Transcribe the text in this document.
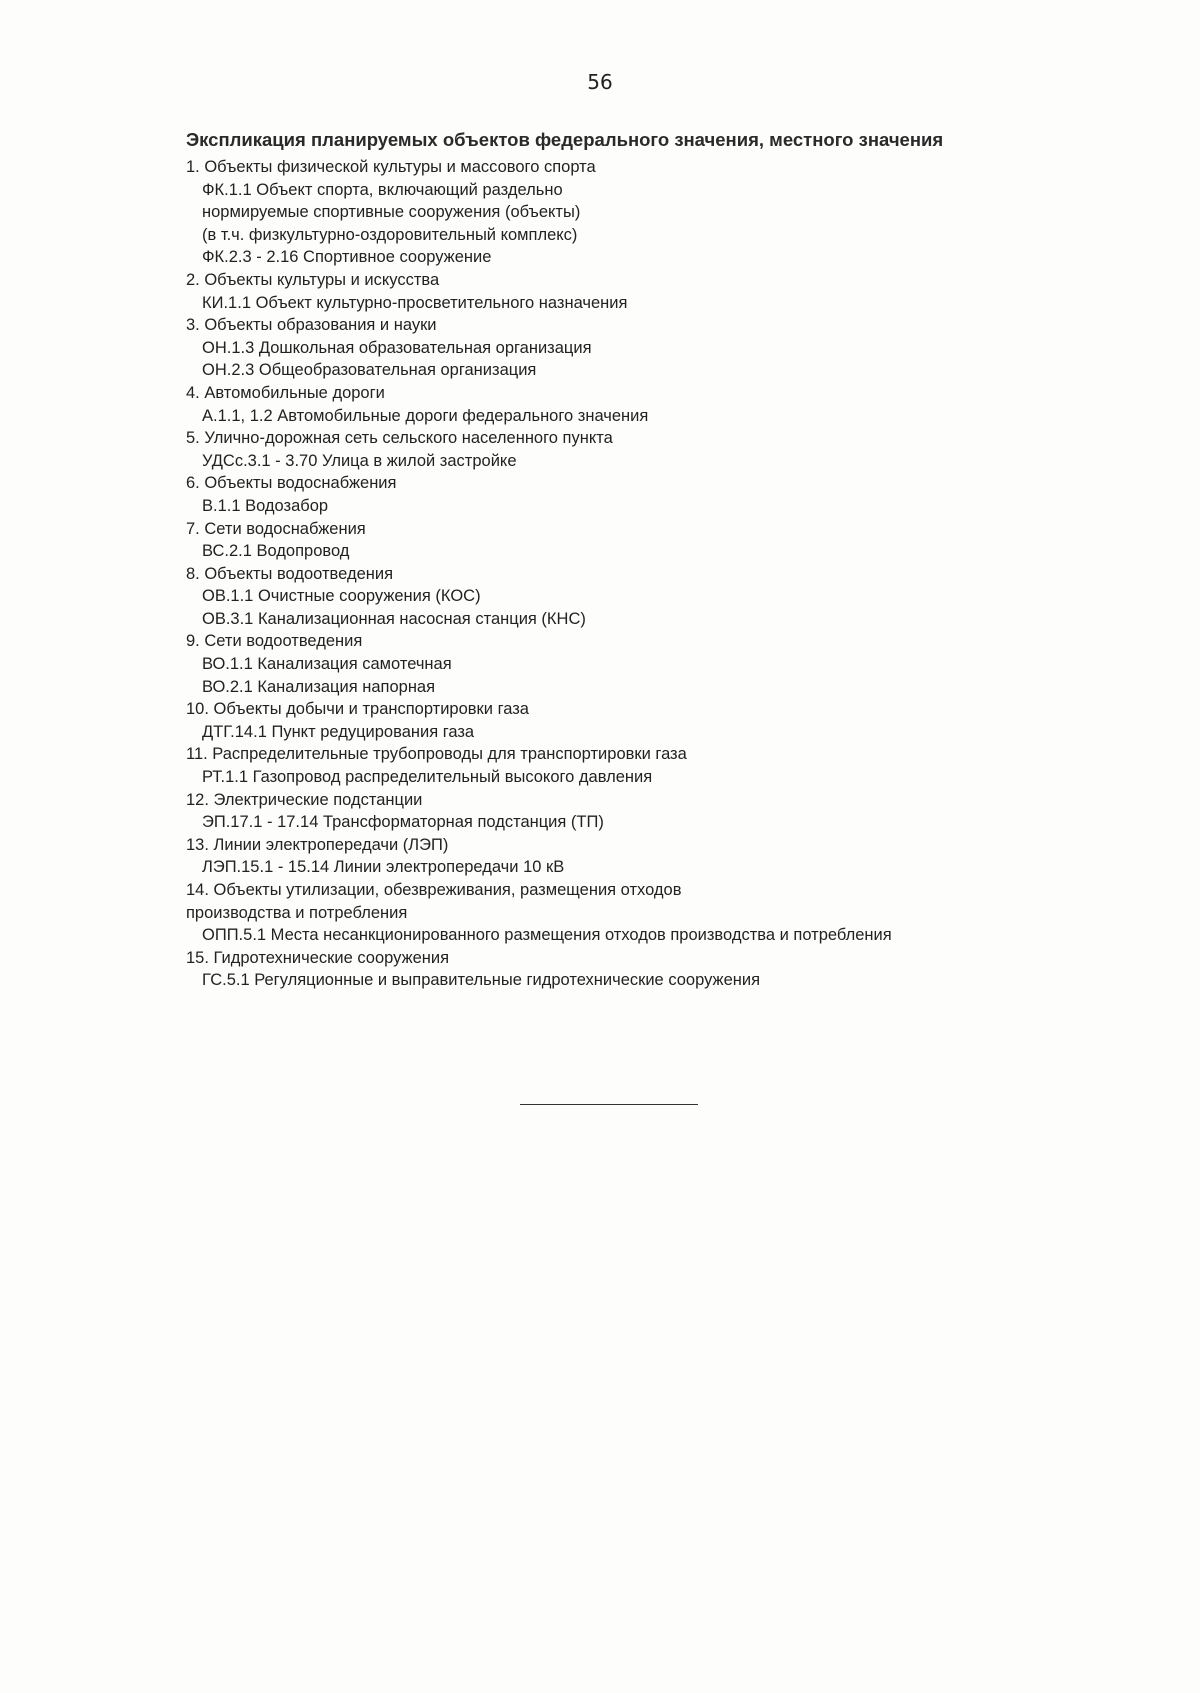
56
Экспликация планируемых объектов федерального значения, местного значения
1. Объекты физической культуры и массового спорта
ФК.1.1 Объект спорта, включающий раздельно
нормируемые спортивные сооружения (объекты)
(в т.ч. физкультурно-оздоровительный комплекс)
ФК.2.3 - 2.16 Спортивное сооружение
2. Объекты культуры и искусства
КИ.1.1 Объект культурно-просветительного назначения
3. Объекты образования и науки
ОН.1.3 Дошкольная образовательная организация
ОН.2.3 Общеобразовательная организация
4. Автомобильные дороги
А.1.1, 1.2 Автомобильные дороги федерального значения
5. Улично-дорожная сеть сельского населенного пункта
УДСс.3.1 - 3.70 Улица в жилой застройке
6. Объекты водоснабжения
В.1.1 Водозабор
7. Сети водоснабжения
ВС.2.1 Водопровод
8. Объекты водоотведения
ОВ.1.1 Очистные сооружения (КОС)
ОВ.3.1 Канализационная насосная станция (КНС)
9. Сети водоотведения
ВО.1.1 Канализация самотечная
ВО.2.1 Канализация напорная
10. Объекты добычи и транспортировки газа
ДТГ.14.1 Пункт редуцирования газа
11. Распределительные трубопроводы для транспортировки газа
РТ.1.1 Газопровод распределительный высокого давления
12. Электрические подстанции
ЭП.17.1 - 17.14 Трансформаторная подстанция (ТП)
13. Линии электропередачи (ЛЭП)
ЛЭП.15.1 - 15.14 Линии электропередачи 10 кВ
14. Объекты утилизации, обезвреживания, размещения отходов
производства и потребления
ОПП.5.1 Места несанкционированного размещения отходов производства и потребления
15. Гидротехнические сооружения
ГС.5.1 Регуляционные и выправительные гидротехнические сооружения
